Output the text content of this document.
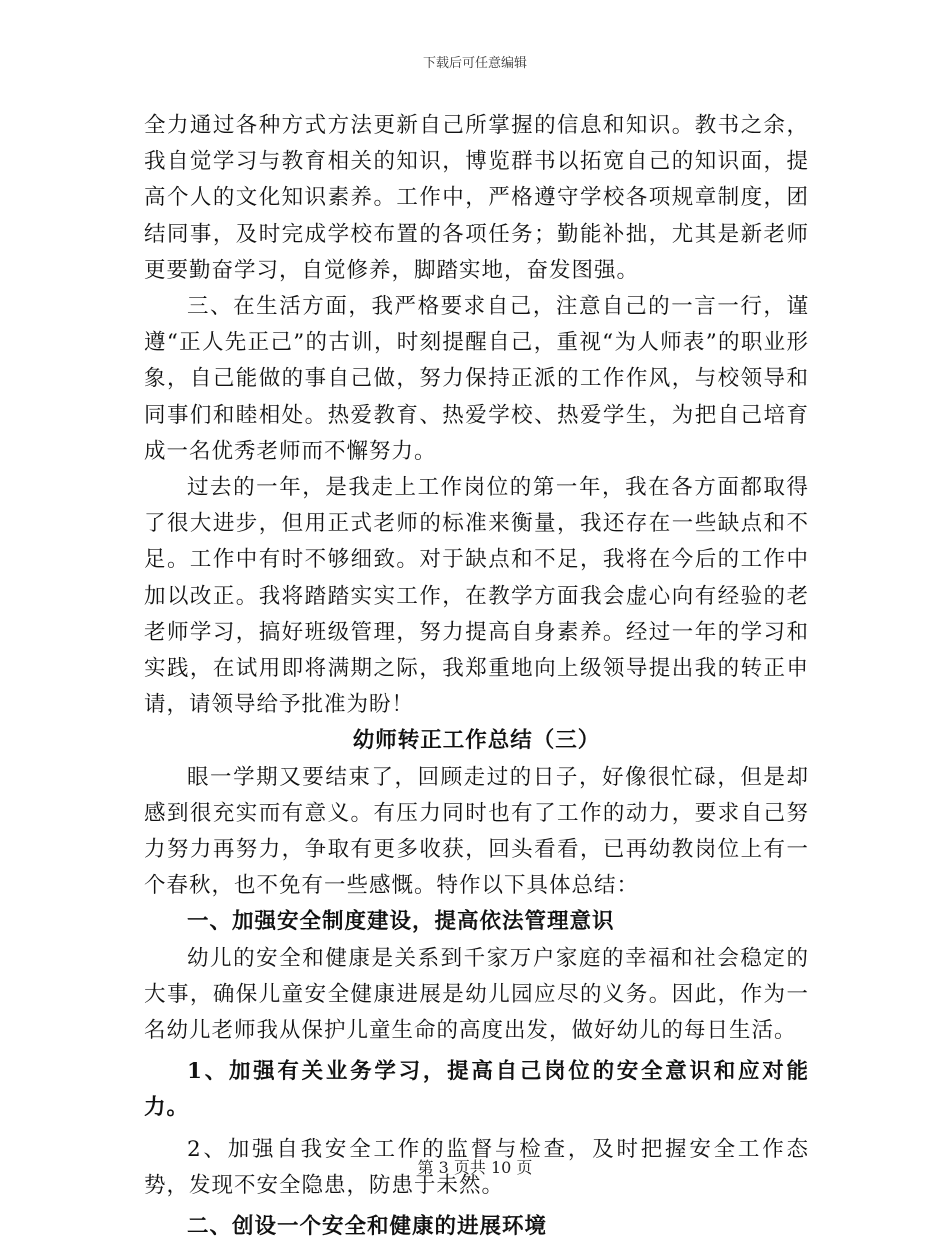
下载后可任意编辑

全力通过各种方式方法更新自己所掌握的信息和知识。教书之余，我自觉学习与教育相关的知识，博览群书以拓宽自己的知识面，提高个人的文化知识素养。工作中，严格遵守学校各项规章制度，团结同事，及时完成学校布置的各项任务；勤能补拙，尤其是新老师更要勤奋学习，自觉修养，脚踏实地，奋发图强。

三、在生活方面，我严格要求自己，注意自己的一言一行，谨遵“正人先正己”的古训，时刻提醒自己，重视“为人师表”的职业形象，自己能做的事自己做，努力保持正派的工作作风，与校领导和同事们和睦相处。热爱教育、热爱学校、热爱学生，为把自己培育成一名优秀老师而不懈努力。

过去的一年，是我走上工作岗位的第一年，我在各方面都取得了很大进步，但用正式老师的标准来衡量，我还存在一些缺点和不足。工作中有时不够细致。对于缺点和不足，我将在今后的工作中加以改正。我将踏踏实实工作，在教学方面我会虚心向有经验的老老师学习，搞好班级管理，努力提高自身素养。经过一年的学习和实践，在试用即将满期之际，我郑重地向上级领导提出我的转正申请，请领导给予批准为盼！

幼师转正工作总结（三）

眼一学期又要结束了，回顾走过的日子，好像很忙碌，但是却感到很充实而有意义。有压力同时也有了工作的动力，要求自己努力努力再努力，争取有更多收获，回头看看，已再幼教岗位上有一个春秋，也不免有一些感慨。特作以下具体总结：

一、加强安全制度建设，提高依法管理意识

幼儿的安全和健康是关系到千家万户家庭的幸福和社会稳定的大事，确保儿童安全健康进展是幼儿园应尽的义务。因此，作为一名幼儿老师我从保护儿童生命的高度出发，做好幼儿的每日生活。

1、加强有关业务学习，提高自己岗位的安全意识和应对能力。

2、加强自我安全工作的监督与检查，及时把握安全工作态势，发现不安全隐患，防患于未然。

二、创设一个安全和健康的进展环境

第 3 页共 10 页
